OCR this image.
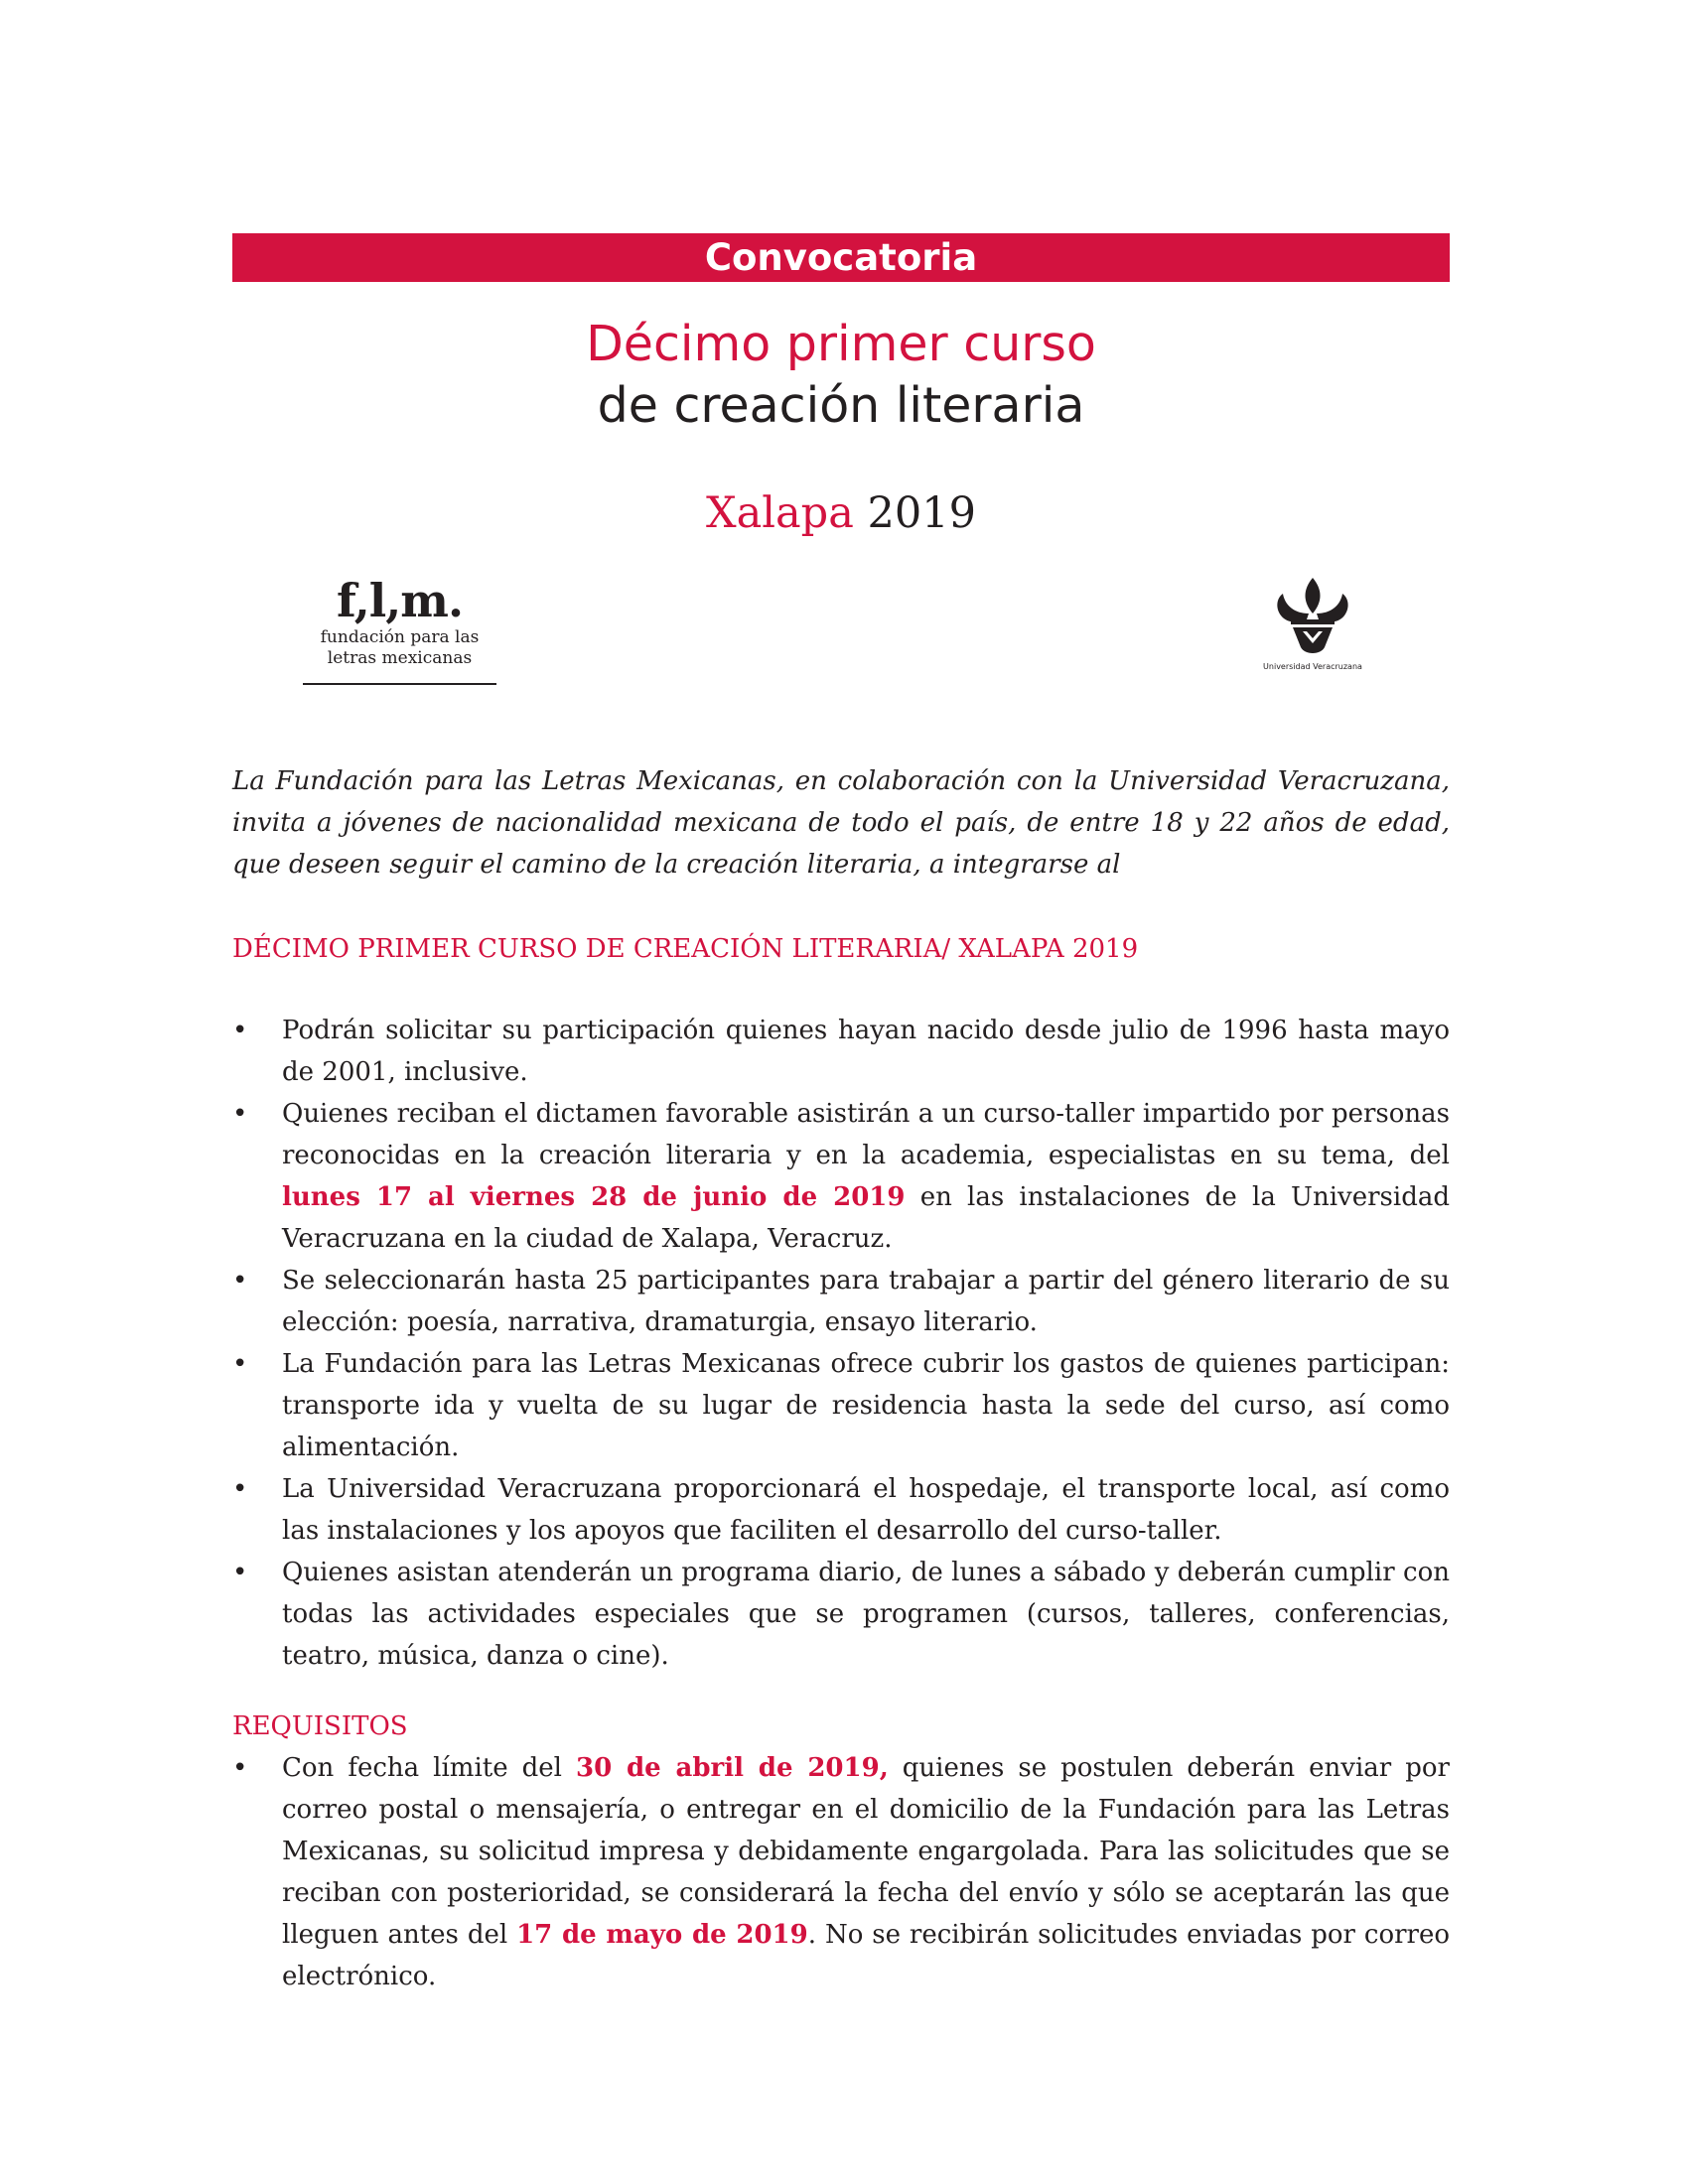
Convocatoria
Décimo primer curso
de creación literaria
Xalapa 2019
f,l,m.
fundación para las
letras mexicanas	Universidad Veracruzana
La Fundación para las Letras Mexicanas, en colaboración con la Universidad Veracruzana, invita a jóvenes de nacionalidad mexicana de todo el país, de entre 18 y 22 años de edad, que deseen seguir el camino de la creación literaria, a integrarse al
DÉCIMO PRIMER CURSO DE CREACIÓN LITERARIA/ XALAPA 2019
• Podrán solicitar su participación quienes hayan nacido desde julio de 1996 hasta mayo de 2001, inclusive.
• Quienes reciban el dictamen favorable asistirán a un curso-taller impartido por personas reconocidas en la creación literaria y en la academia, especialistas en su tema, del lunes 17 al viernes 28 de junio de 2019 en las instalaciones de la Universidad Veracruzana en la ciudad de Xalapa, Veracruz.
• Se seleccionarán hasta 25 participantes para trabajar a partir del género literario de su elección: poesía, narrativa, dramaturgia, ensayo literario.
• La Fundación para las Letras Mexicanas ofrece cubrir los gastos de quienes participan: transporte ida y vuelta de su lugar de residencia hasta la sede del curso, así como alimentación.
• La Universidad Veracruzana proporcionará el hospedaje, el transporte local, así como las instalaciones y los apoyos que faciliten el desarrollo del curso-taller.
• Quienes asistan atenderán un programa diario, de lunes a sábado y deberán cumplir con todas las actividades especiales que se programen (cursos, talleres, conferencias, teatro, música, danza o cine).
REQUISITOS
• Con fecha límite del 30 de abril de 2019, quienes se postulen deberán enviar por correo postal o mensajería, o entregar en el domicilio de la Fundación para las Letras Mexicanas, su solicitud impresa y debidamente engargolada. Para las solicitudes que se reciban con posterioridad, se considerará la fecha del envío y sólo se aceptarán las que lleguen antes del 17 de mayo de 2019. No se recibirán solicitudes enviadas por correo electrónico.
